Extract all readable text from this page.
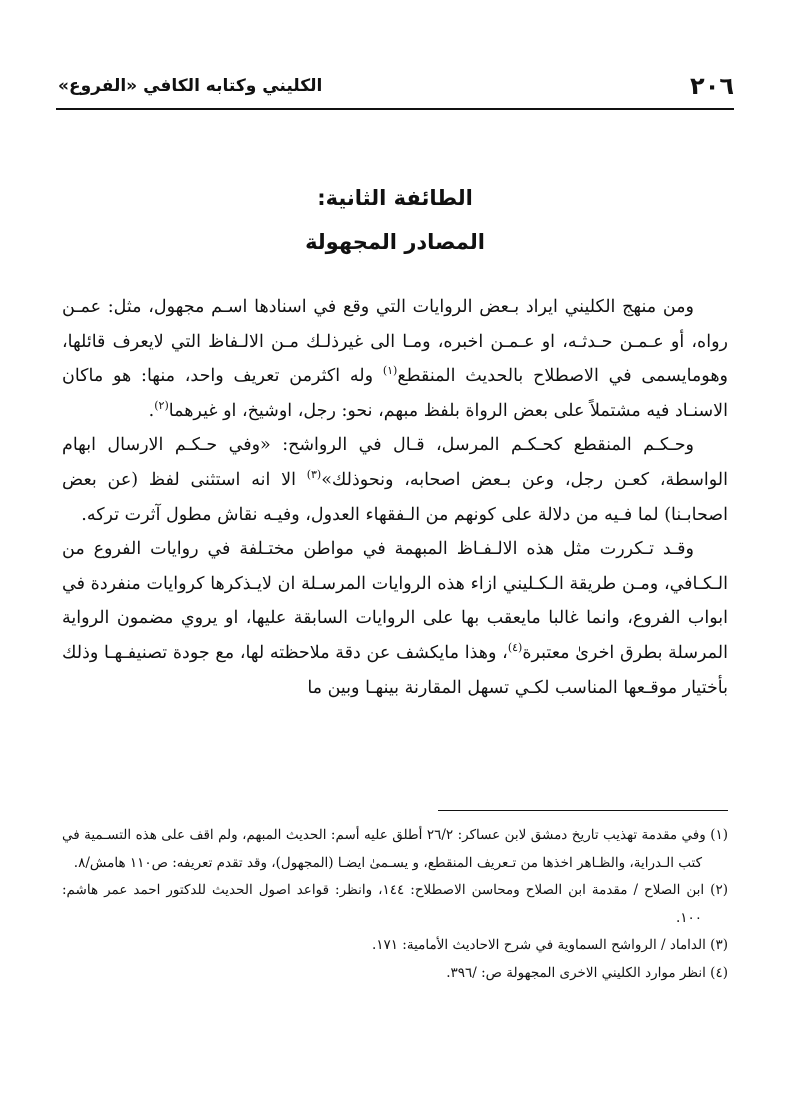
٢٠٦
الكليني وكتابه الكافي «الفروع»
الطائفة الثانية:
المصادر المجهولة

ومن منهج الكليني ايراد بـعض الروايات التي وقع في اسنادها اسـم مجهول، مثل: عمـن رواه، أو عـمـن حـدثـه، او عـمـن اخبره، ومـا الى غيرذلـك مـن الالـفاظ التي لايعرف قائلها، وهومايسمى في الاصطلاح بالحديث المنقطع$^{(١)}$ وله اكثرمن تعريف واحد، منها: هو ماكان الاسنـاد فيه مشتملاً على بعض الرواة بلفظ مبهم، نحو: رجل، اوشيخ، او غيرهما$^{(٢)}$.

وحـكـم المنقطع كحـكـم المرسل، قـال في الرواشح: «وفي حـكـم الارسال ابهام الواسطة، كعـن رجل، وعن بـعض اصحابه، ونحوذلك»$^{(٣)}$ الا انه استثنى لفظ (عن بعض اصحابـنا) لما فـيه من دلالة على كونهم من الـفقهاء العدول، وفيـه نقاش مطول آثرت تركه.

وقـد تـكررت مثل هذه الالـفـاظ المبهمة في مواطن مختـلفة في روايات الفروع من الـكـافي، ومـن طريقة الـكـليني ازاء هذه الروايات المرسـلة ان لايـذكرها كروايات منفردة في ابواب الفروع، وانما غالبا مايعقب بها على الروايات السابقة عليها، او يروي مضمون الرواية المرسلة بطرق اخرىٰ معتبرة$^{(٤)}$، وهذا مايكشف عن دقة ملاحظته لها، مع جودة تصنيفـهـا وذلك بأختيار موقـعها المناسب لكـي تسهل المقارنة بينهـا وبين ما

(١) وفي مقدمة تهذيب تاريخ دمشق لابن عساكر: ٢٦/٢ أطلق عليه أسم: الحديث المبهم، ولم اقف على هذه التسـمية في كتب الـدراية، والظـاهر اخذها من تـعريف المنقطع، و يسـمىٰ ايضـا (المجهول)، وقد تقدم تعريفه: ص١١٠ هامش/٨.

(٢) ابن الصلاح / مقدمة ابن الصلاح ومحاسن الاصطلاح: ١٤٤، وانظر: قواعد اصول الحديث للدكتور احمد عمر هاشم: ١٠٠.

(٣) الداماد / الرواشح السماوية في شرح الاحاديث الأمامية: ١٧١.

(٤) انظر موارد الكليني الاخرى المجهولة ص: /٣٩٦.
